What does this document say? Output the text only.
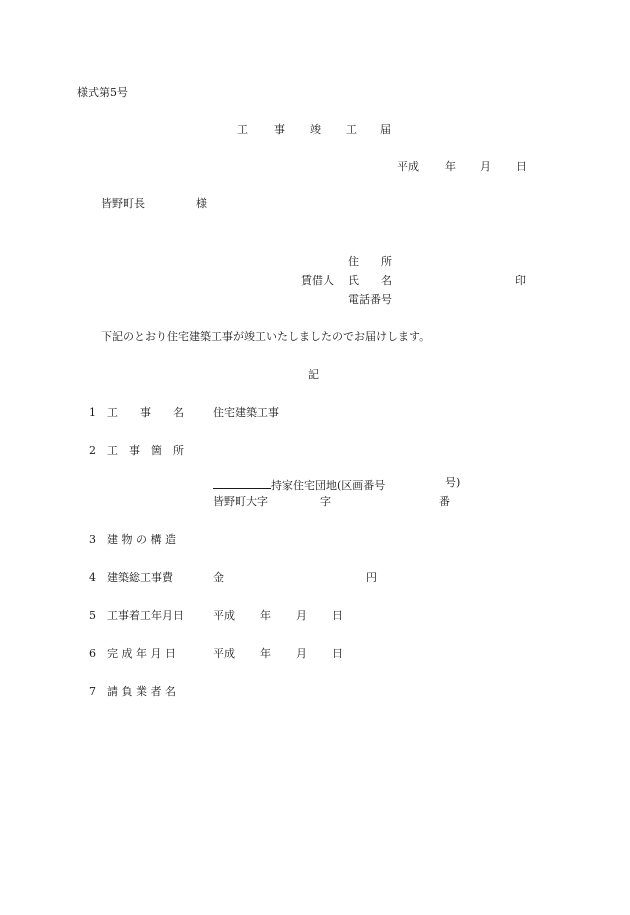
様式第5号
工 事 竣 工 届
平成 年 月 日
皆野町長	様
住　　所
賃借人 氏　　名	印
電話番号
下記のとおり住宅建築工事が竣工いたしましたのでお届けします。
記
1 工　　事　　名	住宅建築工事
2 工　事　箇　所
持家住宅団地(区画番号	号)
皆野町大字	字	番
3 建 物 の 構 造
4 建築総工事費	金	円
5 工事着工年月日	平成 年 月 日
6 完 成 年 月 日	平成 年 月 日
7 請 負 業 者 名
